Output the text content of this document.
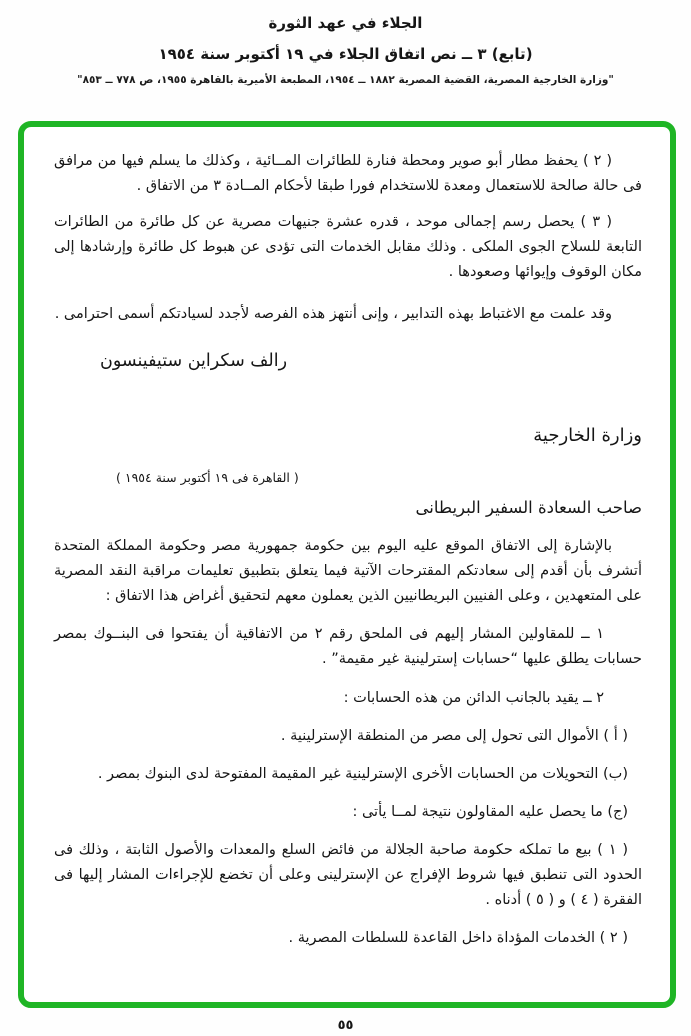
الجلاء في عهد الثورة
(تابع) ٣ ــ نص اتفاق الجلاء في ١٩ أكتوبر سنة ١٩٥٤
"وزارة الخارجية المصرية، القضية المصرية ١٨٨٢ ــ ١٩٥٤، المطبعة الأميرية بالقاهرة ١٩٥٥، ص ٧٧٨ ــ ٨٥٣"

( ٢ ) يحفظ مطار أبو صوير ومحطة فنارة للطائرات المــائية ، وكذلك ما يسلم فيها من مرافق فى حالة صالحة للاستعمال ومعدة للاستخدام فورا طبقا لأحكام المــادة ٣ من الاتفاق .

( ٣ ) يحصل رسم إجمالى موحد ، قدره عشرة جنيهات مصرية عن كل طائرة من الطائرات التابعة للسلاح الجوى الملكى . وذلك مقابل الخدمات التى تؤدى عن هبوط كل طائرة وإرشادها إلى مكان الوقوف وإيوائها وصعودها .

وقد علمت مع الاغتباط بهذه التدابير ، وإنى أنتهز هذه الفرصه لأجدد لسيادتكم أسمى احترامى .

رالف سكراين ستيفينسون
وزارة الخارجية
( القاهرة فى ١٩ أكتوبر سنة ١٩٥٤ )
صاحب السعادة السفير البريطانى

بالإشارة إلى الاتفاق الموقع عليه اليوم بين حكومة جمهورية مصر وحكومة المملكة المتحدة أتشرف بأن أقدم إلى سعادتكم المقترحات الآتية فيما يتعلق بتطبيق تعليمات مراقبة النقد المصرية على المتعهدين ، وعلى الفنيين البريطانيين الذين يعملون معهم لتحقيق أغراض هذا الاتفاق :

١ ــ للمقاولين المشار إليهم فى الملحق رقم ٢ من الاتفاقية أن يفتحوا فى البنــوك بمصر حسابات يطلق عليها “حسابات إسترلينية غير مقيمة” .

٢ ــ يقيد بالجانب الدائن من هذه الحسابات :

( أ ) الأموال التى تحول إلى مصر من المنطقة الإسترلينية .

(ب) التحويلات من الحسابات الأخرى الإسترلينية غير المقيمة المفتوحة لدى البنوك بمصر .

(ج) ما يحصل عليه المقاولون نتيجة لمــا يأتى :

( ١ ) بيع ما تملكه حكومة صاحبة الجلالة من فائض السلع والمعدات والأصول الثابتة ، وذلك فى الحدود التى تنطبق فيها شروط الإفراج عن الإسترلينى وعلى أن تخضع للإجراءات المشار إليها فى الفقرة ( ٤ ) و ( ٥ ) أدناه .

( ٢ ) الخدمات المؤداة داخل القاعدة للسلطات المصرية .

٥٥
